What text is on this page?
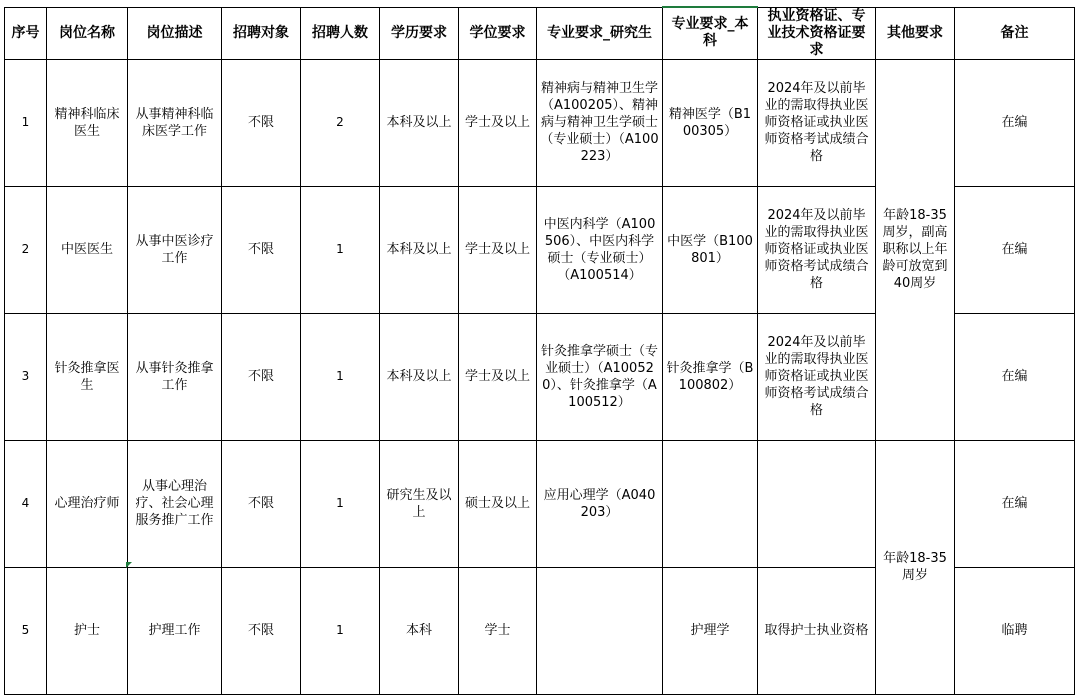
序号	岗位名称	岗位描述	招聘对象	招聘人数	学历要求	学位要求	专业要求_研究生	专业要求_本科	执业资格证、专业技术资格证要求	其他要求	备注
1	精神科临床医生	从事精神科临床医学工作	不限	2	本科及以上	学士及以上	精神病与精神卫生学（A100205）、精神病与精神卫生学硕士（专业硕士）（A100223）	精神医学（B100305）	2024年及以前毕业的需取得执业医师资格证或执业医师资格考试成绩合格	年龄18-35周岁，副高职称以上年龄可放宽到40周岁	在编
2	中医医生	从事中医诊疗工作	不限	1	本科及以上	学士及以上	中医内科学（A100506）、中医内科学硕士（专业硕士）（A100514）	中医学（B100801）	2024年及以前毕业的需取得执业医师资格证或执业医师资格考试成绩合格		在编
3	针灸推拿医生	从事针灸推拿工作	不限	1	本科及以上	学士及以上	针灸推拿学硕士（专业硕士）（A100520）、针灸推拿学（A100512）	针灸推拿学（B100802）	2024年及以前毕业的需取得执业医师资格证或执业医师资格考试成绩合格		在编
4	心理治疗师	从事心理治疗、社会心理服务推广工作	不限	1	研究生及以上	硕士及以上	应用心理学（A040203）			年龄18-35周岁	在编
5	护士	护理工作	不限	1	本科	学士		护理学	取得护士执业资格		临聘
